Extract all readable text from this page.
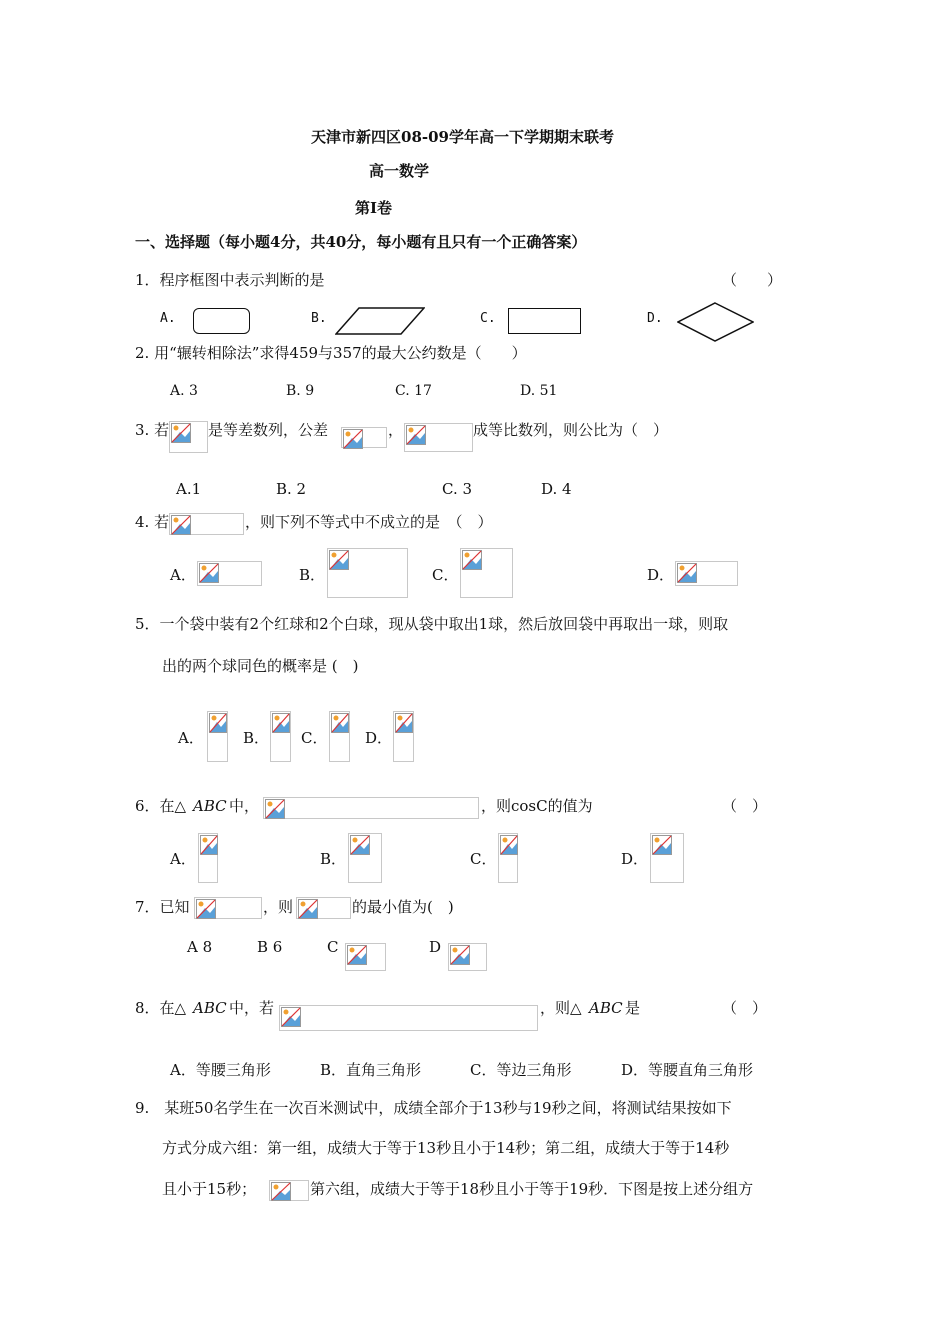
天津市新四区08-09学年高一下学期期末联考
高一数学
第Ⅰ卷
一、选择题（每小题4分，共40分，每小题有且只有一个正确答案）
1．程序框图中表示判断的是	（　　）
A.	B.	C.	D.
2. 用“辗转相除法”求得459与357的最大公约数是（　　）
A. 3	B. 9	C. 17	D. 51
3. 若	是等差数列，公差	，	成等比数列，则公比为（　）
A.1	B. 2	C. 3	D. 4
4. 若	，则下列不等式中不成立的是　（　）
A．	B．	C．	D．
5．一个袋中装有2个红球和2个白球，现从袋中取出1球，然后放回袋中再取出一球，则取
出的两个球同色的概率是 (　)
A．	B． C．	D．
6．在△ ABC 中，	，则cosC的值为	（　）
A．	B．	C．	D．
7．已知	，则	的最小值为(　)
A 8	B 6	C	D
8．在△ ABC 中，若	，则△ ABC 是	（　）
A．等腰三角形	B．直角三角形	C．等边三角形	D．等腰直角三角形
9.　某班50名学生在一次百米测试中，成绩全部介于13秒与19秒之间，将测试结果按如下
方式分成六组：第一组，成绩大于等于13秒且小于14秒；第二组，成绩大于等于14秒
且小于15秒；	第六组，成绩大于等于18秒且小于等于19秒．下图是按上述分组方
